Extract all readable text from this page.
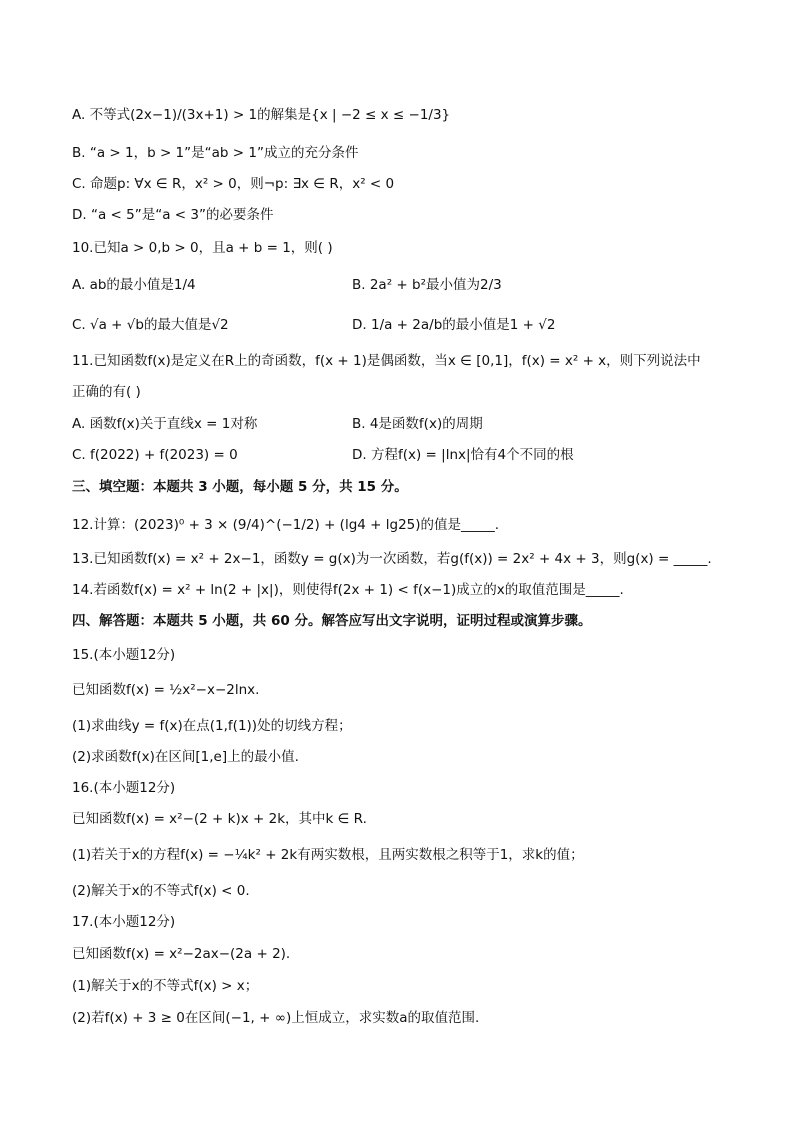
A. 不等式(2x−1)/(3x+1) > 1的解集是{x | −2 ≤ x ≤ −1/3}
B. “a > 1，b > 1”是“ab > 1”成立的充分条件
C. 命题p: ∀x ∈ R，x² > 0，则¬p: ∃x ∈ R，x² < 0
D. “a < 5”是“a < 3”的必要条件
10.已知a > 0,b > 0，且a + b = 1，则( )
A. ab的最小值是1/4	B. 2a² + b²最小值为2/3
C. √a + √b的最大值是√2	D. 1/a + 2a/b的最小值是1 + √2
11.已知函数f(x)是定义在R上的奇函数，f(x + 1)是偶函数，当x ∈ [0,1]，f(x) = x² + x，则下列说法中
正确的有( )
A. 函数f(x)关于直线x = 1对称	B. 4是函数f(x)的周期
C. f(2022) + f(2023) = 0	D. 方程f(x) = |lnx|恰有4个不同的根
三、填空题：本题共 3 小题，每小题 5 分，共 15 分。
12.计算：(2023)⁰ + 3 × (9/4)^(−1/2) + (lg4 + lg25)的值是_____.
13.已知函数f(x) = x² + 2x−1，函数y = g(x)为一次函数，若g(f(x)) = 2x² + 4x + 3，则g(x) = _____.
14.若函数f(x) = x² + ln(2 + |x|)，则使得f(2x + 1) < f(x−1)成立的x的取值范围是_____.
四、解答题：本题共 5 小题，共 60 分。解答应写出文字说明，证明过程或演算步骤。
15.(本小题12分)
已知函数f(x) = ½x²−x−2lnx.
(1)求曲线y = f(x)在点(1,f(1))处的切线方程；
(2)求函数f(x)在区间[1,e]上的最小值.
16.(本小题12分)
已知函数f(x) = x²−(2 + k)x + 2k，其中k ∈ R.
(1)若关于x的方程f(x) = −¼k² + 2k有两实数根，且两实数根之积等于1，求k的值；
(2)解关于x的不等式f(x) < 0.
17.(本小题12分)
已知函数f(x) = x²−2ax−(2a + 2).
(1)解关于x的不等式f(x) > x；
(2)若f(x) + 3 ≥ 0在区间(−1, + ∞)上恒成立，求实数a的取值范围.
